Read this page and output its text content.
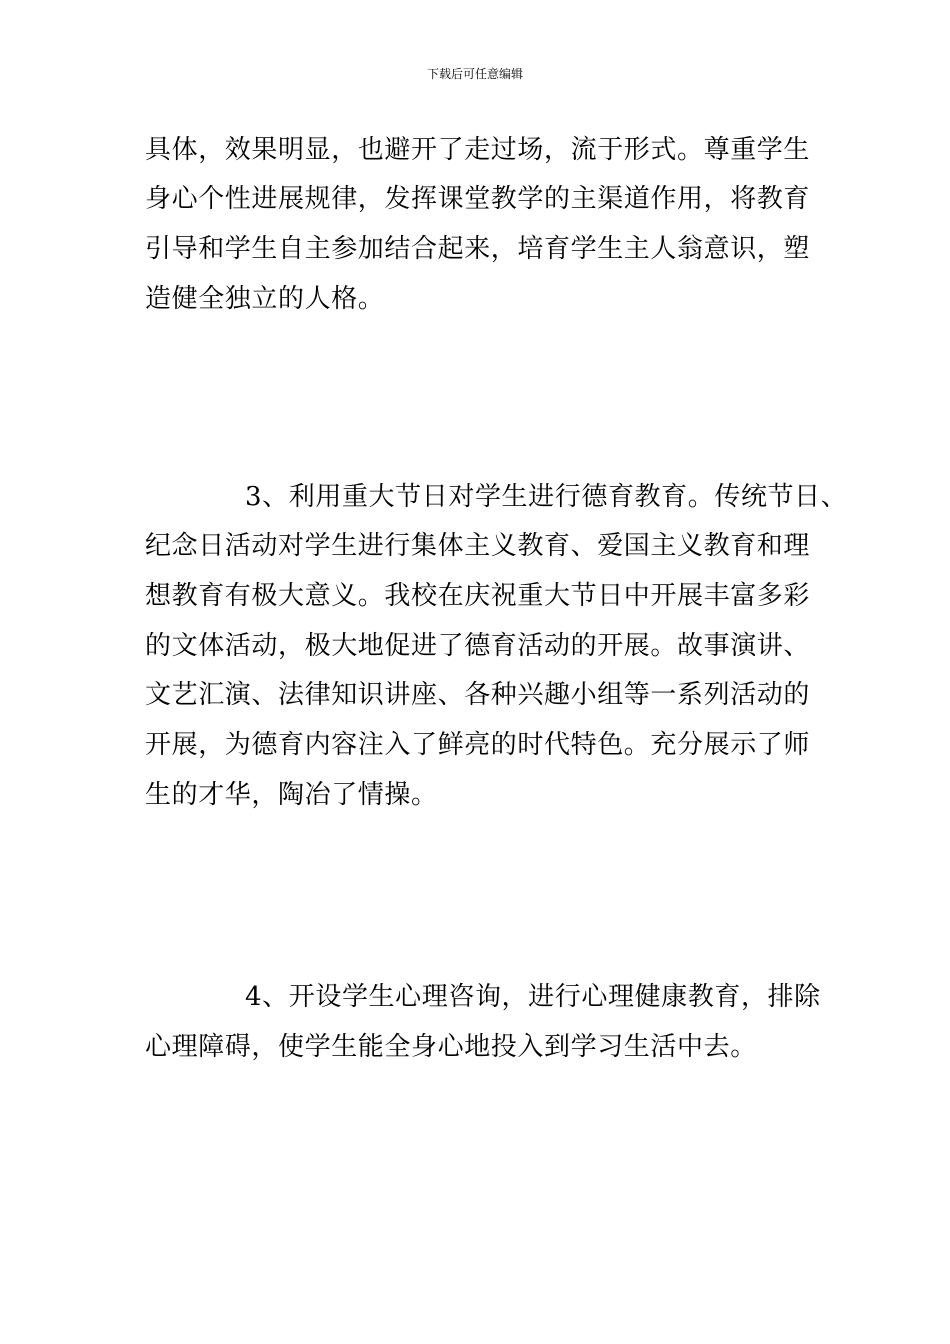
下载后可任意编辑
具体，效果明显，也避开了走过场，流于形式。尊重学生
身心个性进展规律，发挥课堂教学的主渠道作用，将教育
引导和学生自主参加结合起来，培育学生主人翁意识，塑
造健全独立的人格。
3、利用重大节日对学生进行德育教育。传统节日、
纪念日活动对学生进行集体主义教育、爱国主义教育和理
想教育有极大意义。我校在庆祝重大节日中开展丰富多彩
的文体活动，极大地促进了德育活动的开展。故事演讲、
文艺汇演、法律知识讲座、各种兴趣小组等一系列活动的
开展，为德育内容注入了鲜亮的时代特色。充分展示了师
生的才华，陶冶了情操。
4、开设学生心理咨询，进行心理健康教育，排除
心理障碍，使学生能全身心地投入到学习生活中去。
